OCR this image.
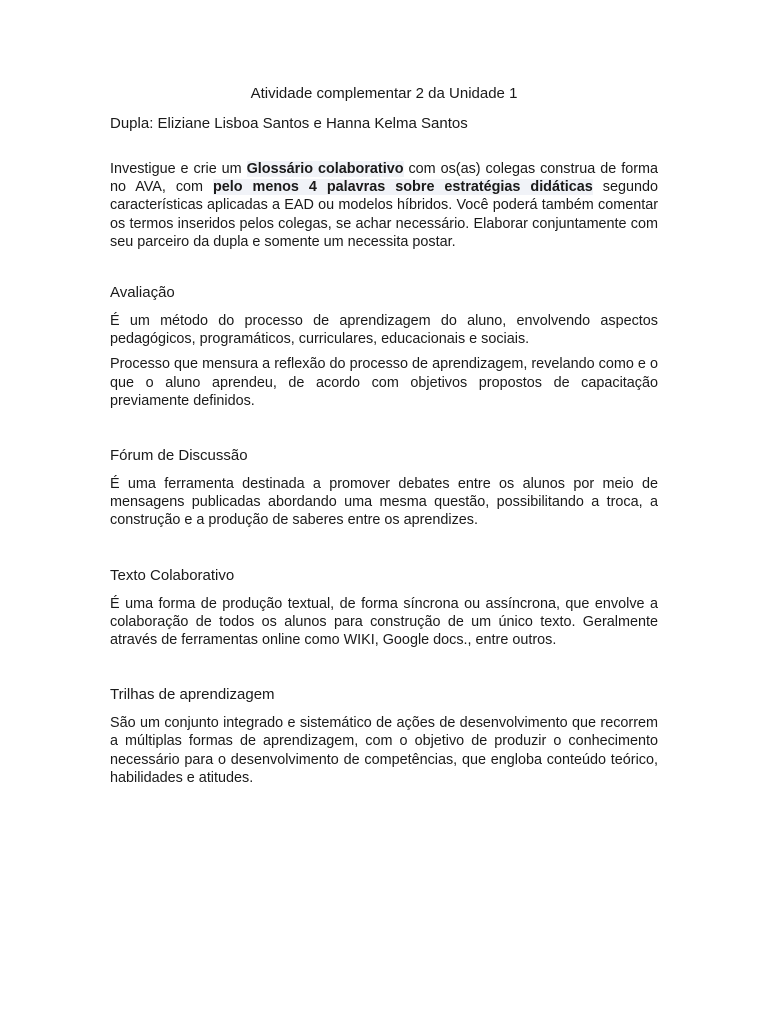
Atividade complementar 2 da Unidade 1

Dupla: Eliziane Lisboa Santos e Hanna Kelma Santos

Investigue e crie um Glossário colaborativo com os(as) colegas construa de forma no AVA, com pelo menos 4 palavras sobre estratégias didáticas segundo características aplicadas a EAD ou modelos híbridos. Você poderá também comentar os termos inseridos pelos colegas, se achar necessário. Elaborar conjuntamente com seu parceiro da dupla e somente um necessita postar.

Avaliação

É um método do processo de aprendizagem do aluno, envolvendo aspectos pedagógicos, programáticos, curriculares, educacionais e sociais.

Processo que mensura a reflexão do processo de aprendizagem, revelando como e o que o aluno aprendeu, de acordo com objetivos propostos de capacitação previamente definidos.

Fórum de Discussão

É uma ferramenta destinada a promover debates entre os alunos por meio de mensagens publicadas abordando uma mesma questão, possibilitando a troca, a construção e a produção de saberes entre os aprendizes.

Texto Colaborativo

É uma forma de produção textual, de forma síncrona ou assíncrona, que envolve a colaboração de todos os alunos para construção de um único texto. Geralmente através de ferramentas online como WIKI, Google docs., entre outros.

Trilhas de aprendizagem

São um conjunto integrado e sistemático de ações de desenvolvimento que recorrem a múltiplas formas de aprendizagem, com o objetivo de produzir o conhecimento necessário para o desenvolvimento de competências, que engloba conteúdo teórico, habilidades e atitudes.
